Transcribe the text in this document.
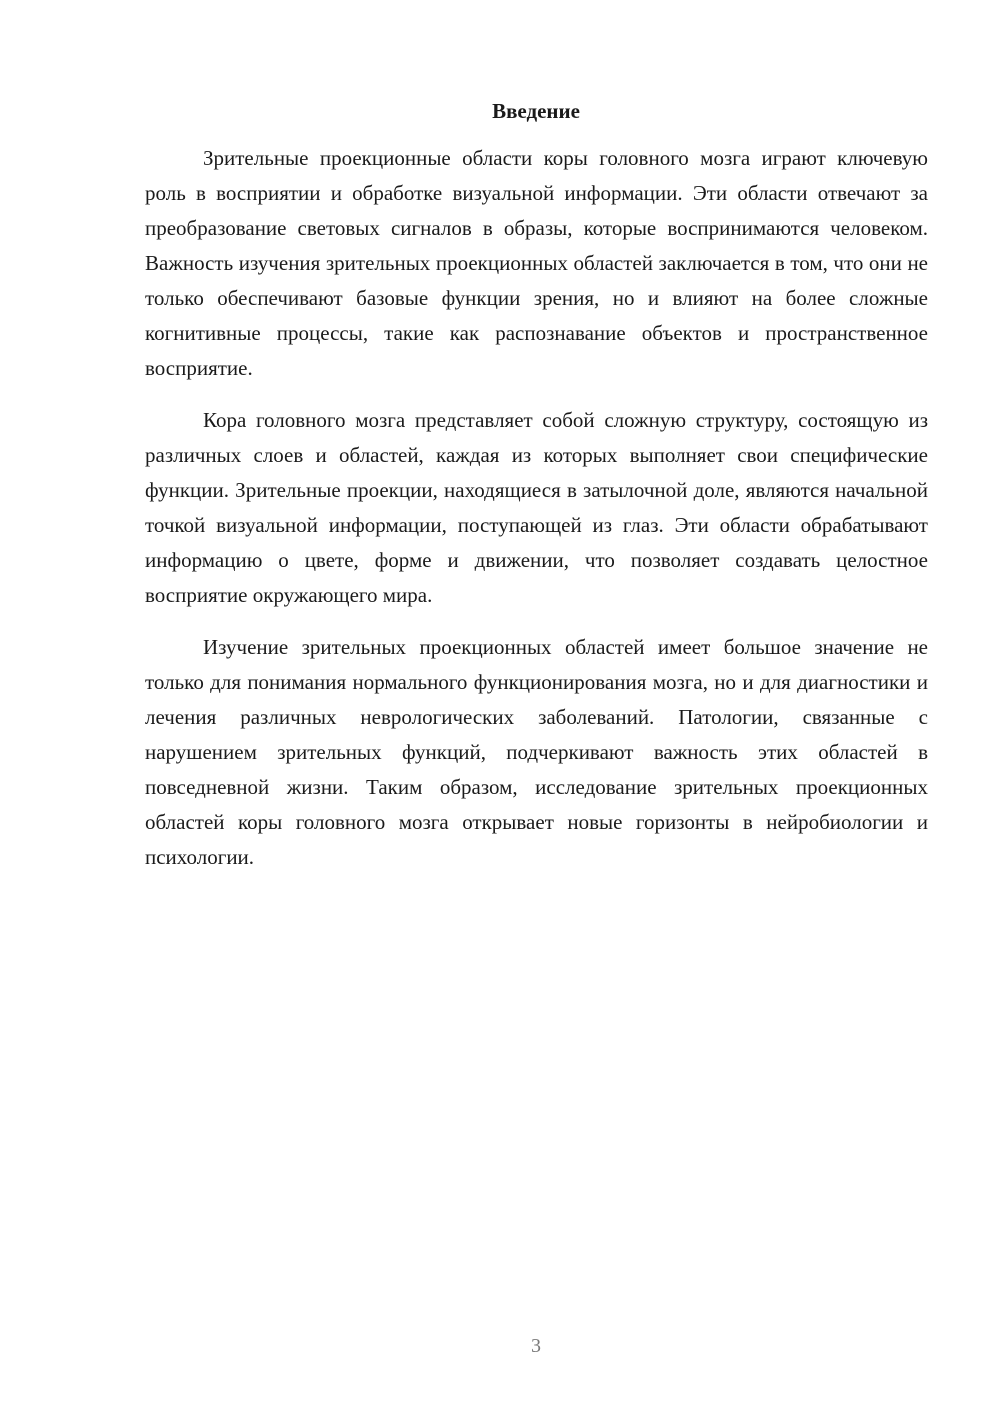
Введение

Зрительные проекционные области коры головного мозга играют ключевую роль в восприятии и обработке визуальной информации. Эти области отвечают за преобразование световых сигналов в образы, которые воспринимаются человеком. Важность изучения зрительных проекционных областей заключается в том, что они не только обеспечивают базовые функции зрения, но и влияют на более сложные когнитивные процессы, такие как распознавание объектов и пространственное восприятие.

Кора головного мозга представляет собой сложную структуру, состоящую из различных слоев и областей, каждая из которых выполняет свои специфические функции. Зрительные проекции, находящиеся в затылочной доле, являются начальной точкой визуальной информации, поступающей из глаз. Эти области обрабатывают информацию о цвете, форме и движении, что позволяет создавать целостное восприятие окружающего мира.

Изучение зрительных проекционных областей имеет большое значение не только для понимания нормального функционирования мозга, но и для диагностики и лечения различных неврологических заболеваний. Патологии, связанные с нарушением зрительных функций, подчеркивают важность этих областей в повседневной жизни. Таким образом, исследование зрительных проекционных областей коры головного мозга открывает новые горизонты в нейробиологии и психологии.

3
